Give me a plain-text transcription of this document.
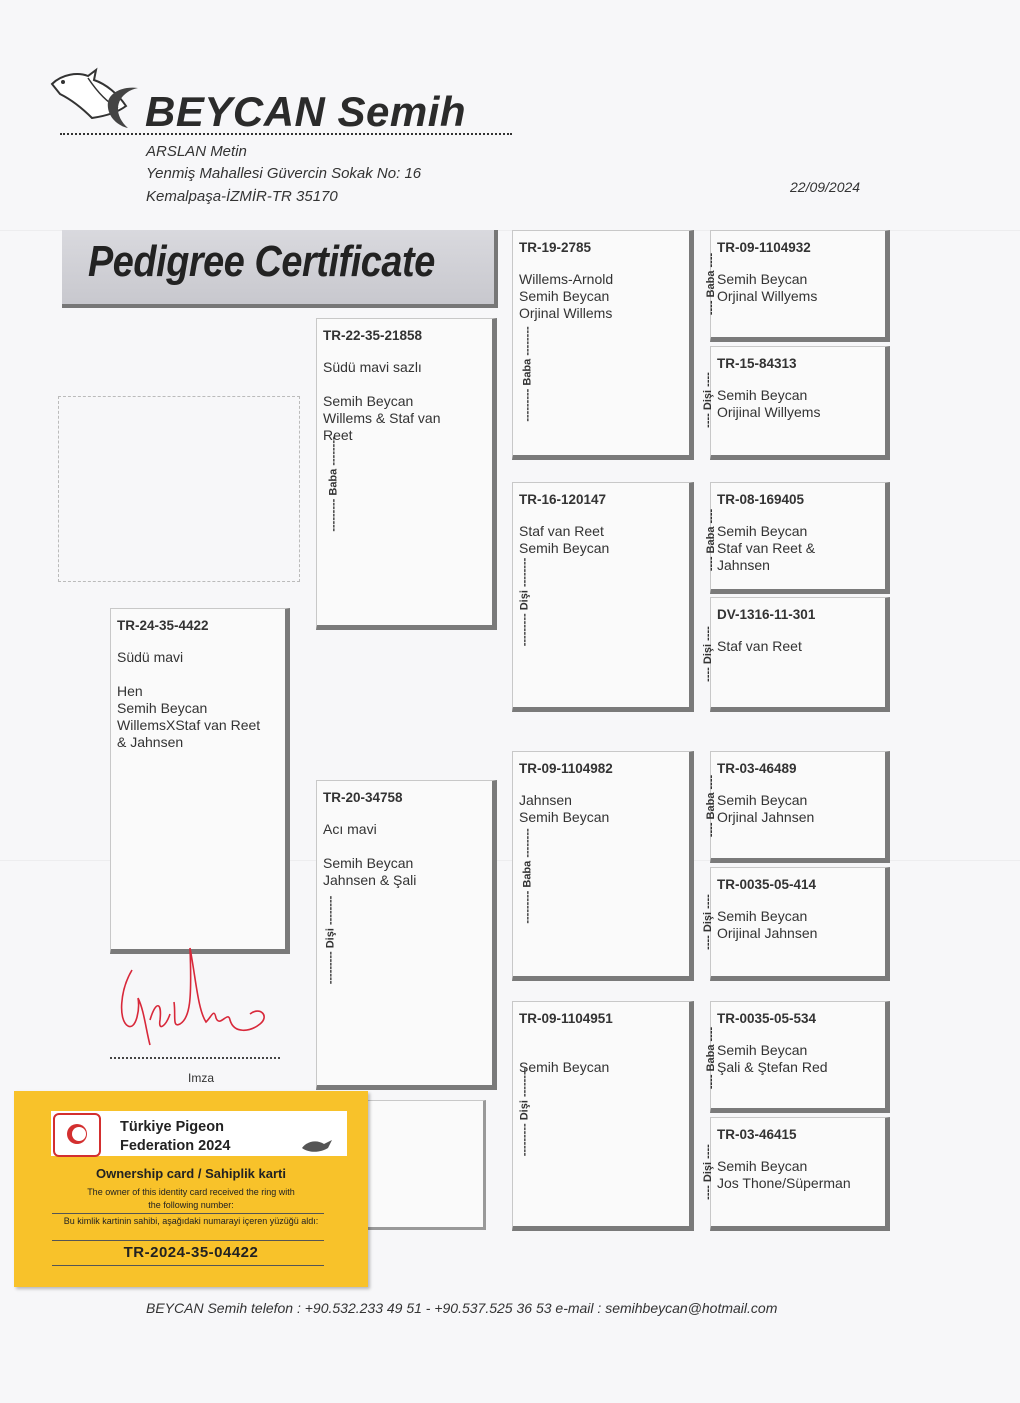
BEYCAN Semih
ARSLAN Metin
Yenmiş Mahallesi Güvercin Sokak No: 16
Kemalpaşa-İZMİR-TR 35170
22/09/2024
Pedigree Certificate
TR-24-35-4422
Südü mavi
Hen
Semih Beycan
WillemsXStaf van Reet
& Jahnsen
TR-22-35-21858
Südü mavi sazlı
Semih Beycan
Willems & Staf van
Reet
TR-20-34758
Acı mavi
Semih Beycan
Jahnsen & Şali
TR-19-2785
Willems-Arnold
Semih Beycan
Orjinal Willems
TR-16-120147
Staf van Reet
Semih Beycan
TR-09-1104982
Jahnsen
Semih Beycan
TR-09-1104951
Semih Beycan
TR-09-1104932
Semih Beycan
Orjinal Willyems
TR-15-84313
Semih Beycan
Orijinal Willyems
TR-08-169405
Semih Beycan
Staf van Reet &
Jahnsen
DV-1316-11-301
Staf van Reet
TR-03-46489
Semih Beycan
Orjinal Jahnsen
TR-0035-05-414
Semih Beycan
Orijinal Jahnsen
TR-0035-05-534
Semih Beycan
Şali & Ştefan Red
TR-03-46415
Semih Beycan
Jos Thone/Süperman
--------- Baba --------
--------- Dişi --------
--------- Baba --------
--------- Dişi --------
--------- Baba --------
--------- Dişi --------
---- Baba ----
---- Dişi ----
---- Baba ----
---- Dişi ----
---- Baba ----
---- Dişi ----
---- Baba ----
---- Dişi ----
Imza
Türkiye Pigeon
Federation 2024
Ownership card / Sahiplik karti
The owner of this identity card received the ring with
the following number:
Bu kimlik kartinin sahibi, aşağıdaki numarayi içeren yüzüğü aldı:
TR-2024-35-04422
BEYCAN Semih telefon : +90.532.233 49 51 - +90.537.525 36 53 e-mail : semihbeycan@hotmail.com
